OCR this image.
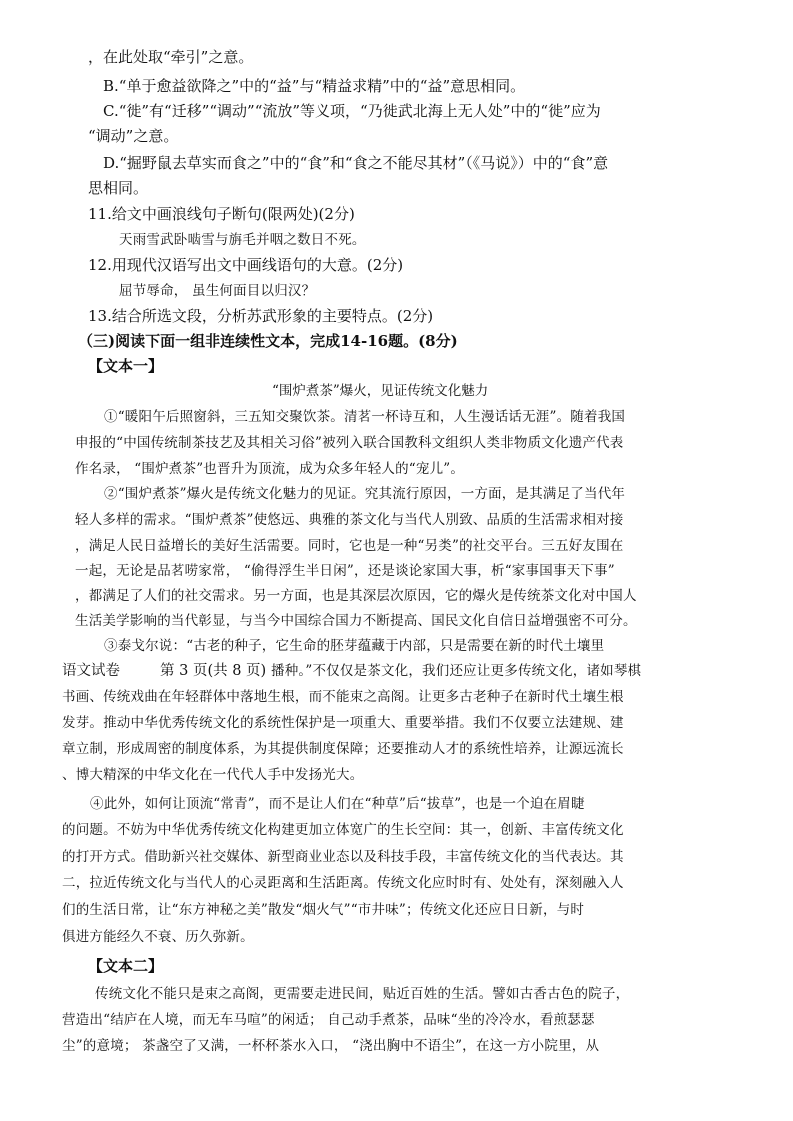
，在此处取“牵引”之意。
B.“单于愈益欲降之”中的“益”与“精益求精”中的“益”意思相同。
C.“徙”有“迁移”“调动”“流放”等义项，“乃徙武北海上无人处”中的“徙”应为
“调动”之意。
D.“掘野鼠去草实而食之”中的“食”和“食之不能尽其材”（《马说》）中的“食”意
思相同。
11.给文中画浪线句子断句(限两处)(2分)
天雨雪武卧啮雪与旃毛并咽之数日不死。
12.用现代汉语写出文中画线语句的大意。(2分)
屈节辱命， 虽生何面目以归汉？
13.结合所选文段，分析苏武形象的主要特点。(2分)
（三)阅读下面一组非连续性文本，完成14-16题。(8分)
【文本一】
“围炉煮茶”爆火，见证传统文化魅力
①“暖阳午后照窗斜，三五知交聚饮茶。清茗一杯诗互和，人生漫话话无涯”。随着我国
申报的“中国传统制茶技艺及其相关习俗”被列入联合国教科文组织人类非物质文化遗产代表
作名录， “围炉煮茶”也晋升为顶流，成为众多年轻人的“宠儿”。
②“围炉煮茶”爆火是传统文化魅力的见证。究其流行原因，一方面，是其满足了当代年
轻人多样的需求。“围炉煮茶”使悠远、典雅的茶文化与当代人別致、品质的生活需求相对接
，满足人民日益增长的美好生活需要。同时，它也是一种“另类”的社交平台。三五好友围在
一起，无论是品茗唠家常， “偷得浮生半日闲”，还是谈论家国大事，析“家事国事天下事”
，都满足了人们的社交需求。另一方面，也是其深层次原因，它的爆火是传统茶文化对中国人
生活美学影响的当代彰显，与当今中国综合国力不断提高、国民文化自信日益增强密不可分。
③泰戈尔说：“古老的种子，它生命的胚芽蕴藏于内部，只是需要在新的时代土壤里
语文试卷	第 3 页(共 8 页) 播种。”不仅仅是茶文化，我们还应让更多传统文化，诸如琴棋
书画、传统戏曲在年轻群体中落地生根，而不能束之高阁。让更多古老种子在新时代土壤生根
发芽。推动中华优秀传统文化的系统性保护是一项重大、重要举措。我们不仅要立法建规、建
章立制，形成周密的制度体系，为其提供制度保障；还要推动人才的系统性培养，让源远流长
、博大精深的中华文化在一代代人手中发扬光大。
④此外，如何让顶流“常青”，而不是让人们在“种草”后“拔草”，也是一个迫在眉睫
的问题。不妨为中华优秀传统文化构建更加立体宽广的生长空间：其一，创新、丰富传统文化
的打开方式。借助新兴社交媒体、新型商业业态以及科技手段，丰富传统文化的当代表达。其
二，拉近传统文化与当代人的心灵距离和生活距离。传统文化应时时有、处处有，深刻融入人
们的生活日常，让“东方神秘之美”散发“烟火气”“市井味”；传统文化还应日日新，与时
俱进方能经久不衰、历久弥新。
【文本二】
传统文化不能只是束之高阁，更需要走进民间，贴近百姓的生活。譬如古香古色的院子，
营造出“结庐在人境，而无车马喧”的闲适； 自己动手煮茶，品味“坐的冷冷水，看煎瑟瑟
尘”的意境； 茶盏空了又满，一杯杯茶水入口， “浇出胸中不语尘”，在这一方小院里，从
